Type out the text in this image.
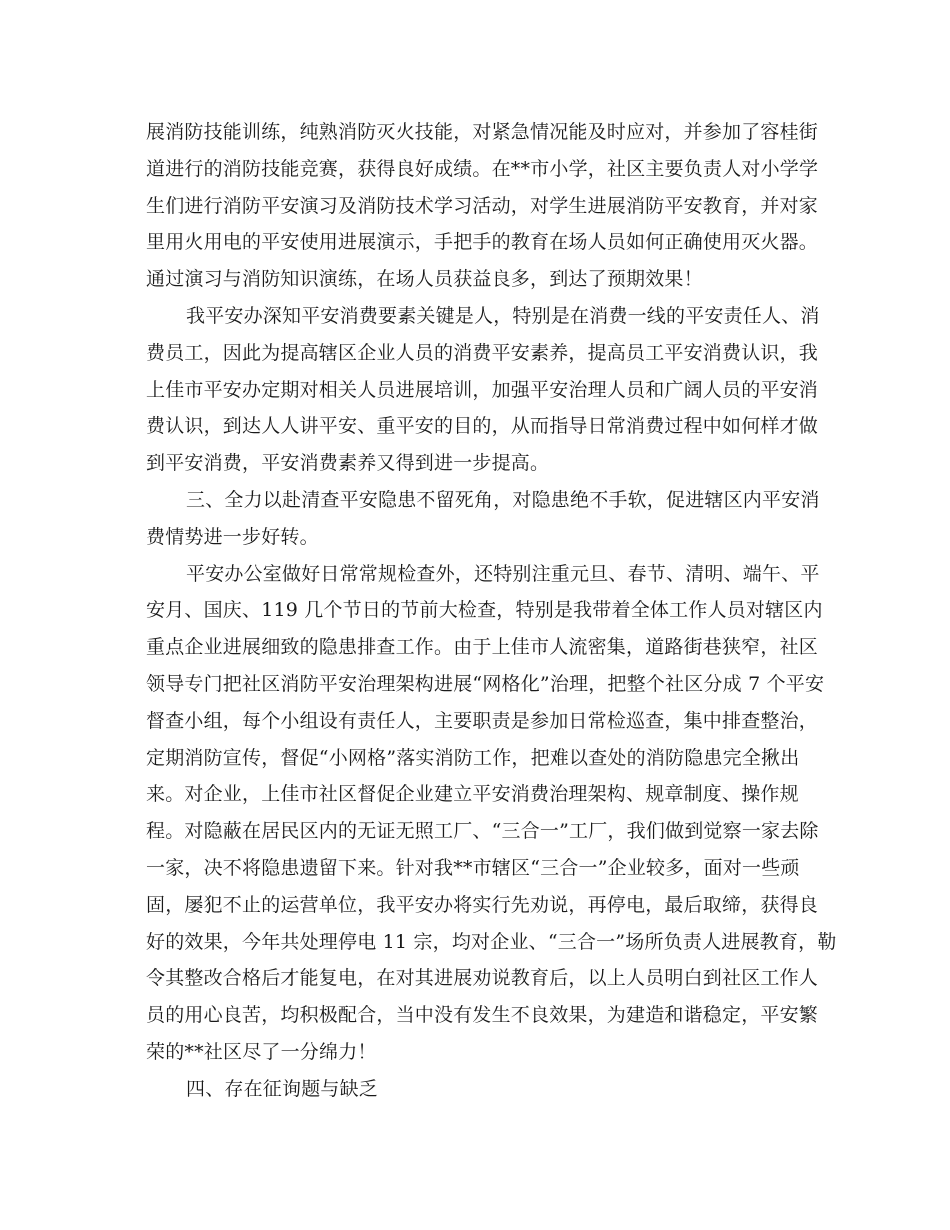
展消防技能训练，纯熟消防灭火技能，对紧急情况能及时应对，并参加了容桂街
道进行的消防技能竞赛，获得良好成绩。在**市小学，社区主要负责人对小学学
生们进行消防平安演习及消防技术学习活动，对学生进展消防平安教育，并对家
里用火用电的平安使用进展演示，手把手的教育在场人员如何正确使用灭火器。
通过演习与消防知识演练，在场人员获益良多，到达了预期效果！
我平安办深知平安消费要素关键是人，特别是在消费一线的平安责任人、消
费员工，因此为提高辖区企业人员的消费平安素养，提高员工平安消费认识，我
上佳市平安办定期对相关人员进展培训，加强平安治理人员和广阔人员的平安消
费认识，到达人人讲平安、重平安的目的，从而指导日常消费过程中如何样才做
到平安消费，平安消费素养又得到进一步提高。
三、全力以赴清查平安隐患不留死角，对隐患绝不手软，促进辖区内平安消
费情势进一步好转。
平安办公室做好日常常规检查外，还特别注重元旦、春节、清明、端午、平
安月、国庆、119 几个节日的节前大检查，特别是我带着全体工作人员对辖区内
重点企业进展细致的隐患排查工作。由于上佳市人流密集，道路街巷狭窄，社区
领导专门把社区消防平安治理架构进展“网格化”治理，把整个社区分成 7 个平安
督查小组，每个小组设有责任人，主要职责是参加日常检巡查，集中排查整治，
定期消防宣传，督促“小网格”落实消防工作，把难以查处的消防隐患完全揪出
来。对企业，上佳市社区督促企业建立平安消费治理架构、规章制度、操作规
程。对隐蔽在居民区内的无证无照工厂、“三合一”工厂，我们做到觉察一家去除
一家，决不将隐患遗留下来。针对我**市辖区“三合一”企业较多，面对一些顽
固，屡犯不止的运营单位，我平安办将实行先劝说，再停电，最后取缔，获得良
好的效果，今年共处理停电 11 宗，均对企业、“三合一”场所负责人进展教育，勒
令其整改合格后才能复电，在对其进展劝说教育后，以上人员明白到社区工作人
员的用心良苦，均积极配合，当中没有发生不良效果，为建造和谐稳定，平安繁
荣的**社区尽了一分绵力！
四、存在征询题与缺乏
